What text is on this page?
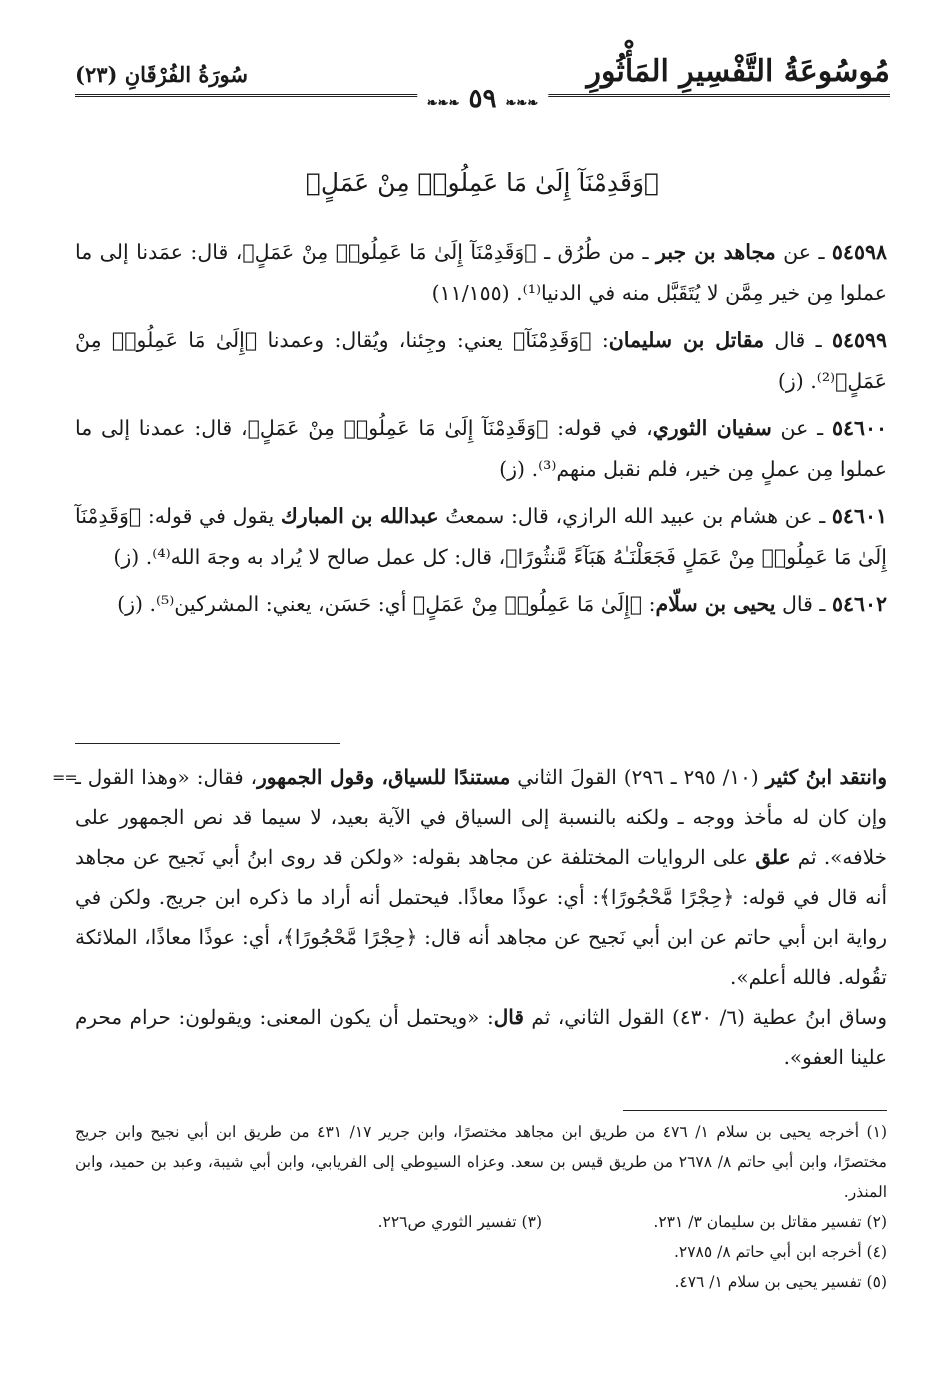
مُوسُوعَةُ التَّفْسِيرِ المَأْثُورِ
سُورَةُ الفُرْقَانِ (٢٣)
❧❧❧ ٥٩ ❧❧❧
﴿وَقَدِمْنَآ إِلَىٰ مَا عَمِلُوا۟ مِنْ عَمَلٍ﴾

٥٤٥٩٨ ـ عن مجاهد بن جبر ـ من طُرُق ـ ﴿وَقَدِمْنَآ إِلَىٰ مَا عَمِلُوا۟ مِنْ عَمَلٍ﴾، قال: عمَدنا إلى ما عملوا مِن خير مِمَّن لا يُتَقَبَّل منه في الدنيا⁽¹⁾. (١١/١٥٥)

٥٤٥٩٩ ـ قال مقاتل بن سليمان: ﴿وَقَدِمْنَآ﴾ يعني: وجِئنا، ويُقال: وعمدنا ﴿إِلَىٰ مَا عَمِلُوا۟ مِنْ عَمَلٍ﴾⁽²⁾. (ز)

٥٤٦٠٠ ـ عن سفيان الثوري، في قوله: ﴿وَقَدِمْنَآ إِلَىٰ مَا عَمِلُوا۟ مِنْ عَمَلٍ﴾، قال: عمدنا إلى ما عملوا مِن عملٍ مِن خير، فلم نقبل منهم⁽³⁾. (ز)

٥٤٦٠١ ـ عن هشام بن عبيد الله الرازي، قال: سمعتُ عبدالله بن المبارك يقول في قوله: ﴿وَقَدِمْنَآ إِلَىٰ مَا عَمِلُوا۟ مِنْ عَمَلٍ فَجَعَلْنَـٰهُ هَبَآءً مَّنثُورًا﴾، قال: كل عمل صالح لا يُراد به وجهَ الله⁽⁴⁾. (ز)

٥٤٦٠٢ ـ قال يحيى بن سلّام: ﴿إِلَىٰ مَا عَمِلُوا۟ مِنْ عَمَلٍ﴾ أي: حَسَن، يعني: المشركين⁽⁵⁾. (ز)

==	وانتقد ابنُ كثير (١٠/ ٢٩٥ ـ ٢٩٦) القولَ الثاني مستندًا للسياق، وقول الجمهور، فقال: «وهذا القول ـ وإن كان له مأخذ ووجه ـ ولكنه بالنسبة إلى السياق في الآية بعيد، لا سيما قد نص الجمهور على خلافه». ثم علق على الروايات المختلفة عن مجاهد بقوله: «ولكن قد روى ابنُ أبي نَجيح عن مجاهد أنه قال في قوله: ﴿حِجْرًا مَّحْجُورًا﴾: أي: عوذًا معاذًا. فيحتمل أنه أراد ما ذكره ابن جريج. ولكن في رواية ابن أبي حاتم عن ابن أبي نَجيح عن مجاهد أنه قال: ﴿حِجْرًا مَّحْجُورًا﴾، أي: عوذًا معاذًا، الملائكة تقُوله. فالله أعلم».

وساق ابنُ عطية (٦/ ٤٣٠) القول الثاني، ثم قال: «ويحتمل أن يكون المعنى: ويقولون: حرام محرم علينا العفو».

(١) أخرجه يحيى بن سلام ١/ ٤٧٦ من طريق ابن مجاهد مختصرًا، وابن جرير ١٧/ ٤٣١ من طريق ابن أبي نجيح وابن جريج مختصرًا، وابن أبي حاتم ٨/ ٢٦٧٨ من طريق قيس بن سعد. وعزاه السيوطي إلى الفريابي، وابن أبي شيبة، وعبد بن حميد، وابن المنذر.

(٢) تفسير مقاتل بن سليمان ٣/ ٢٣١.
(٣) تفسير الثوري ص٢٢٦.

(٤) أخرجه ابن أبي حاتم ٨/ ٢٧٨٥.

(٥) تفسير يحيى بن سلام ١/ ٤٧٦.
